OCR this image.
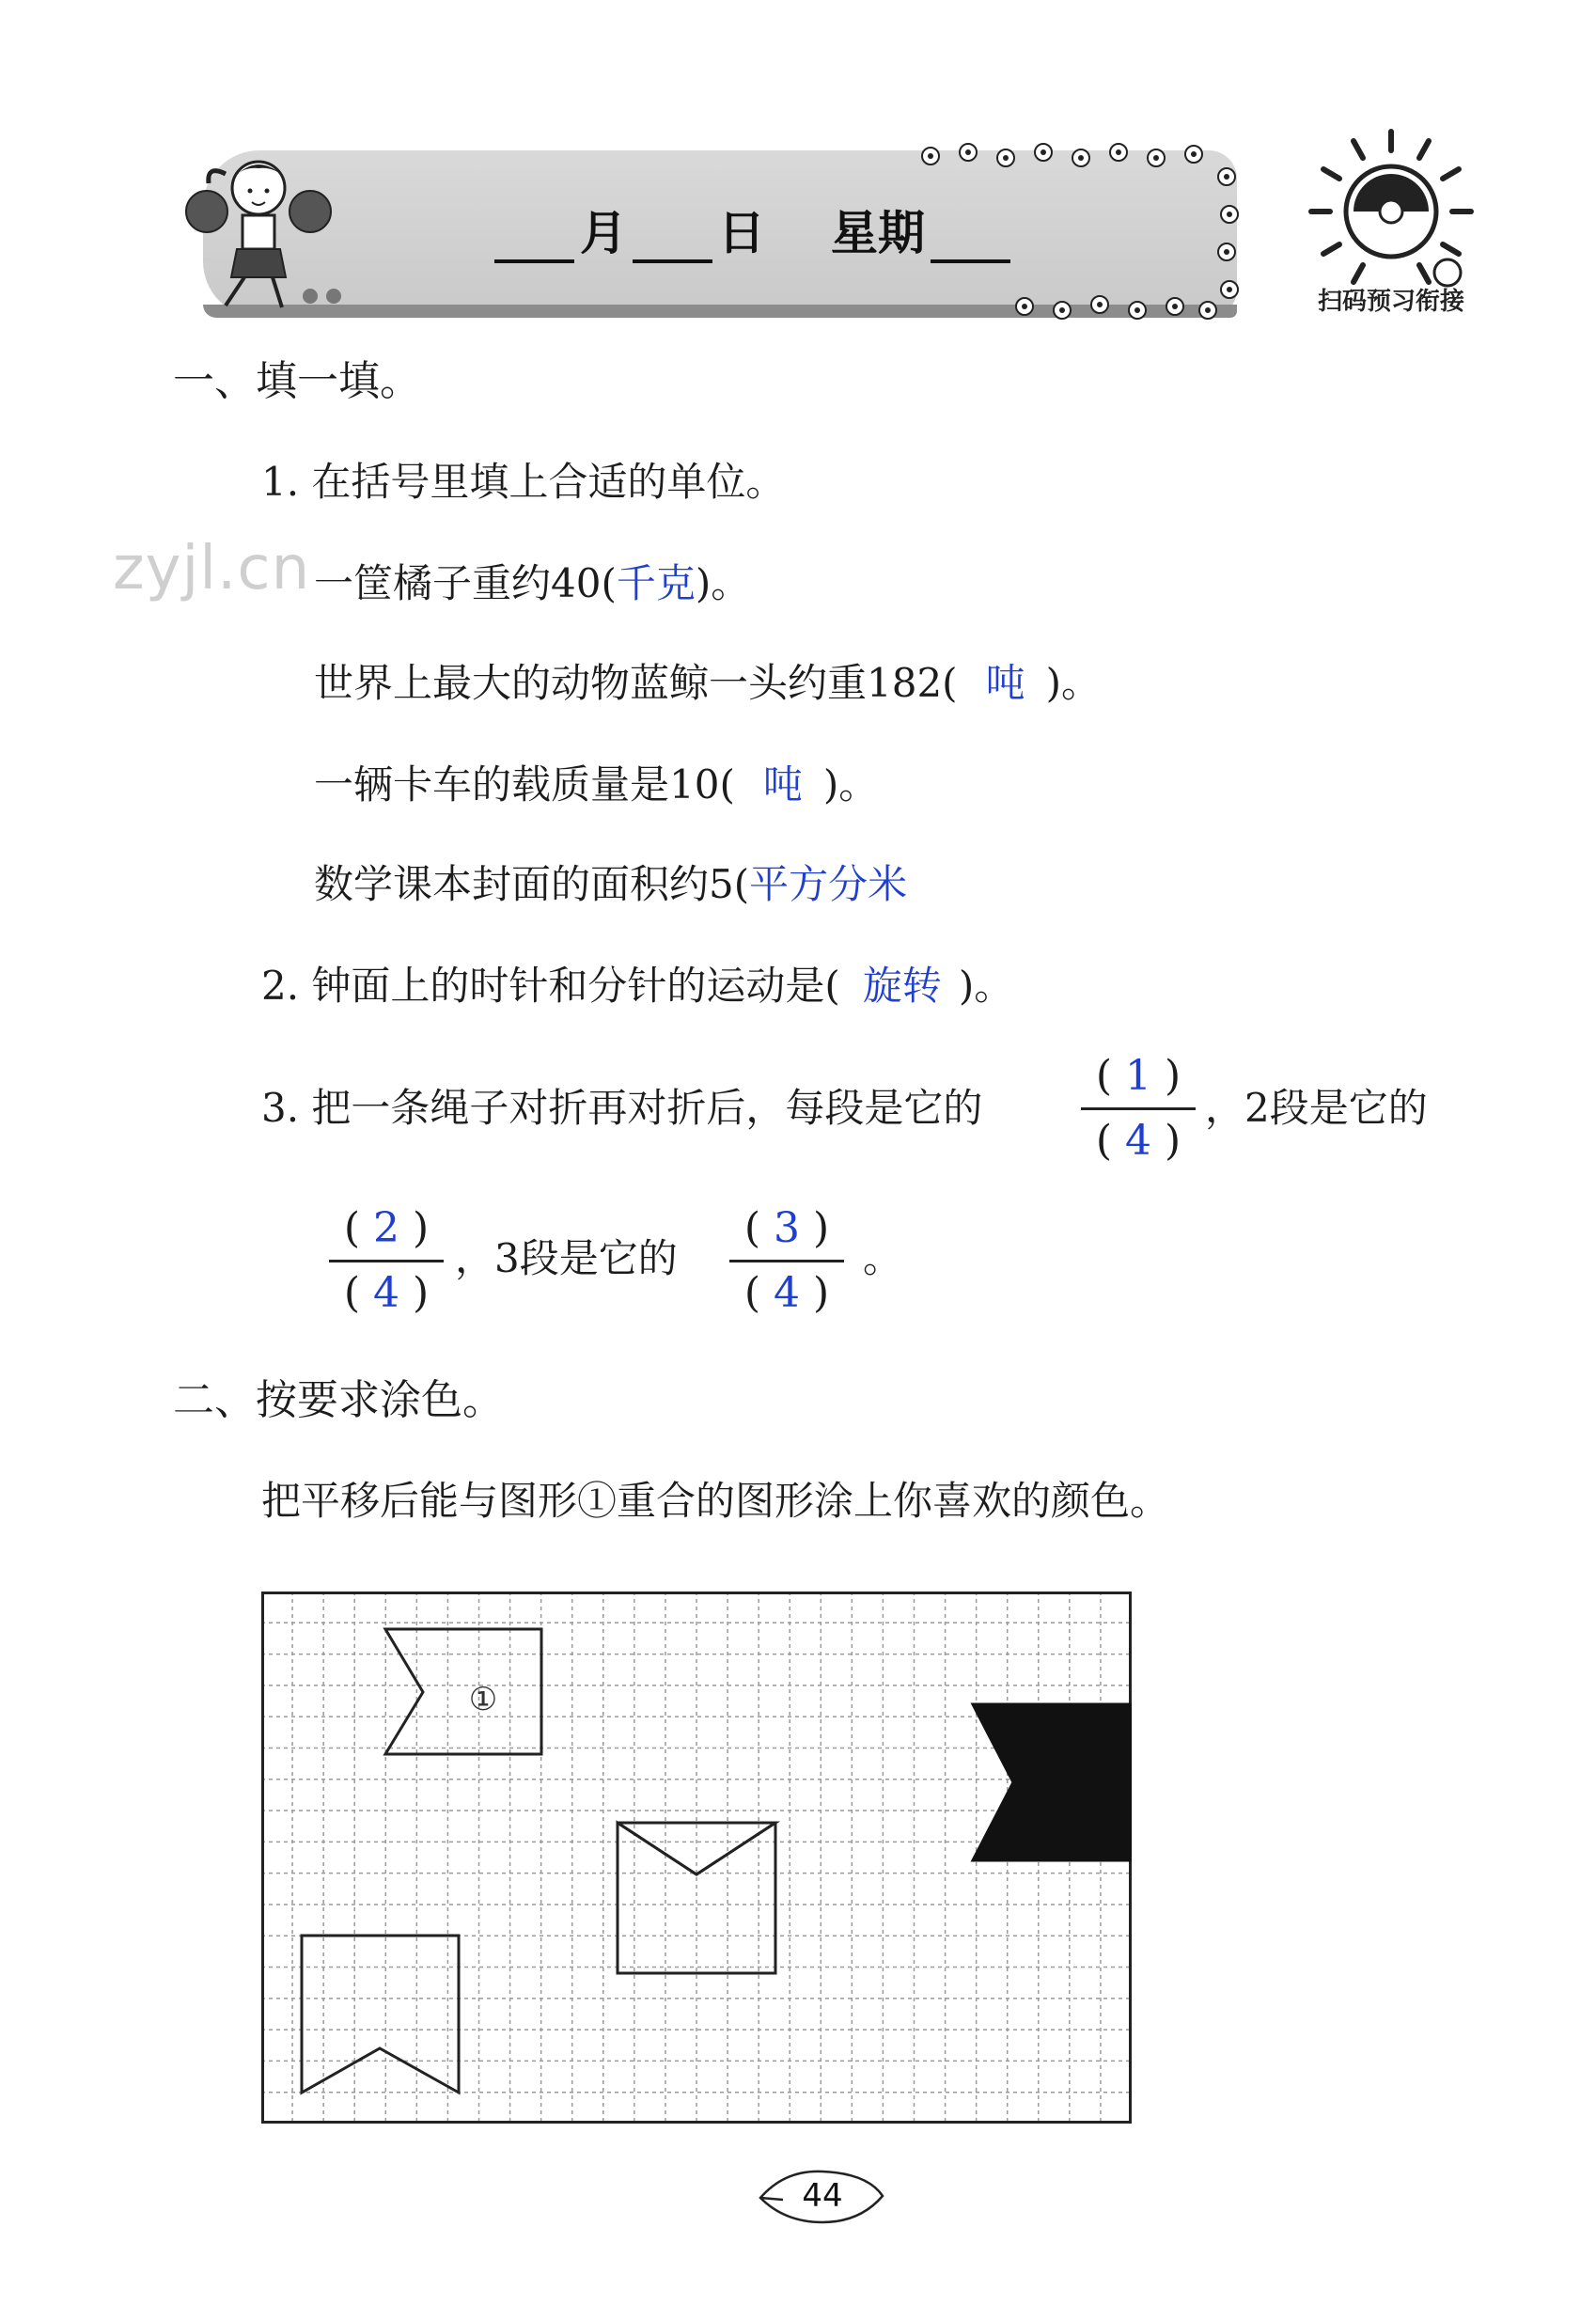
月 日 星期
扫码预习衔接
zyjl.cn
一、填一填。
1. 在括号里填上合适的单位。
一筐橘子重约40(千克)。
世界上最大的动物蓝鲸一头约重182( 吨 )。
一辆卡车的载质量是10( 吨 )。
数学课本封面的面积约5(平方分米
2. 钟面上的时针和分针的运动是( 旋转 )。
3. 把一条绳子对折再对折后，每段是它的
( 1 )
( 4 )
，2段是它的
( 2 )
( 4 )
，3段是它的
( 3 )
( 4 )
。
二、按要求涂色。
把平移后能与图形①重合的图形涂上你喜欢的颜色。
①
44
